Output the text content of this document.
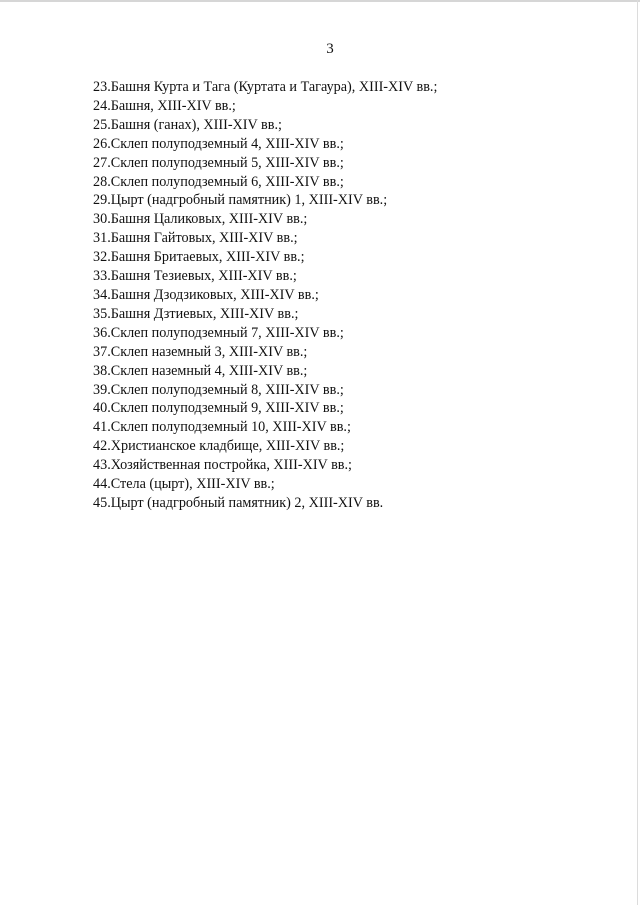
3
23.Башня Курта и Тага (Куртата и Тагаура), XIII-XIV вв.;
24.Башня, XIII-XIV вв.;
25.Башня (ганах), XIII-XIV вв.;
26.Склеп полуподземный 4, XIII-XIV вв.;
27.Склеп полуподземный 5, XIII-XIV вв.;
28.Склеп полуподземный 6, XIII-XIV вв.;
29.Цырт (надгробный памятник) 1, XIII-XIV вв.;
30.Башня Цаликовых, XIII-XIV вв.;
31.Башня Гайтовых, XIII-XIV вв.;
32.Башня Бритаевых, XIII-XIV вв.;
33.Башня Тезиевых, XIII-XIV вв.;
34.Башня Дзодзиковых, XIII-XIV вв.;
35.Башня Дзтиевых, XIII-XIV вв.;
36.Склеп полуподземный 7, XIII-XIV вв.;
37.Склеп наземный 3, XIII-XIV вв.;
38.Склеп наземный 4, XIII-XIV вв.;
39.Склеп полуподземный 8, XIII-XIV вв.;
40.Склеп полуподземный 9, XIII-XIV вв.;
41.Склеп полуподземный 10, XIII-XIV вв.;
42.Христианское кладбище, XIII-XIV вв.;
43.Хозяйственная постройка, XIII-XIV вв.;
44.Стела (цырт), XIII-XIV вв.;
45.Цырт (надгробный памятник) 2, XIII-XIV вв.
